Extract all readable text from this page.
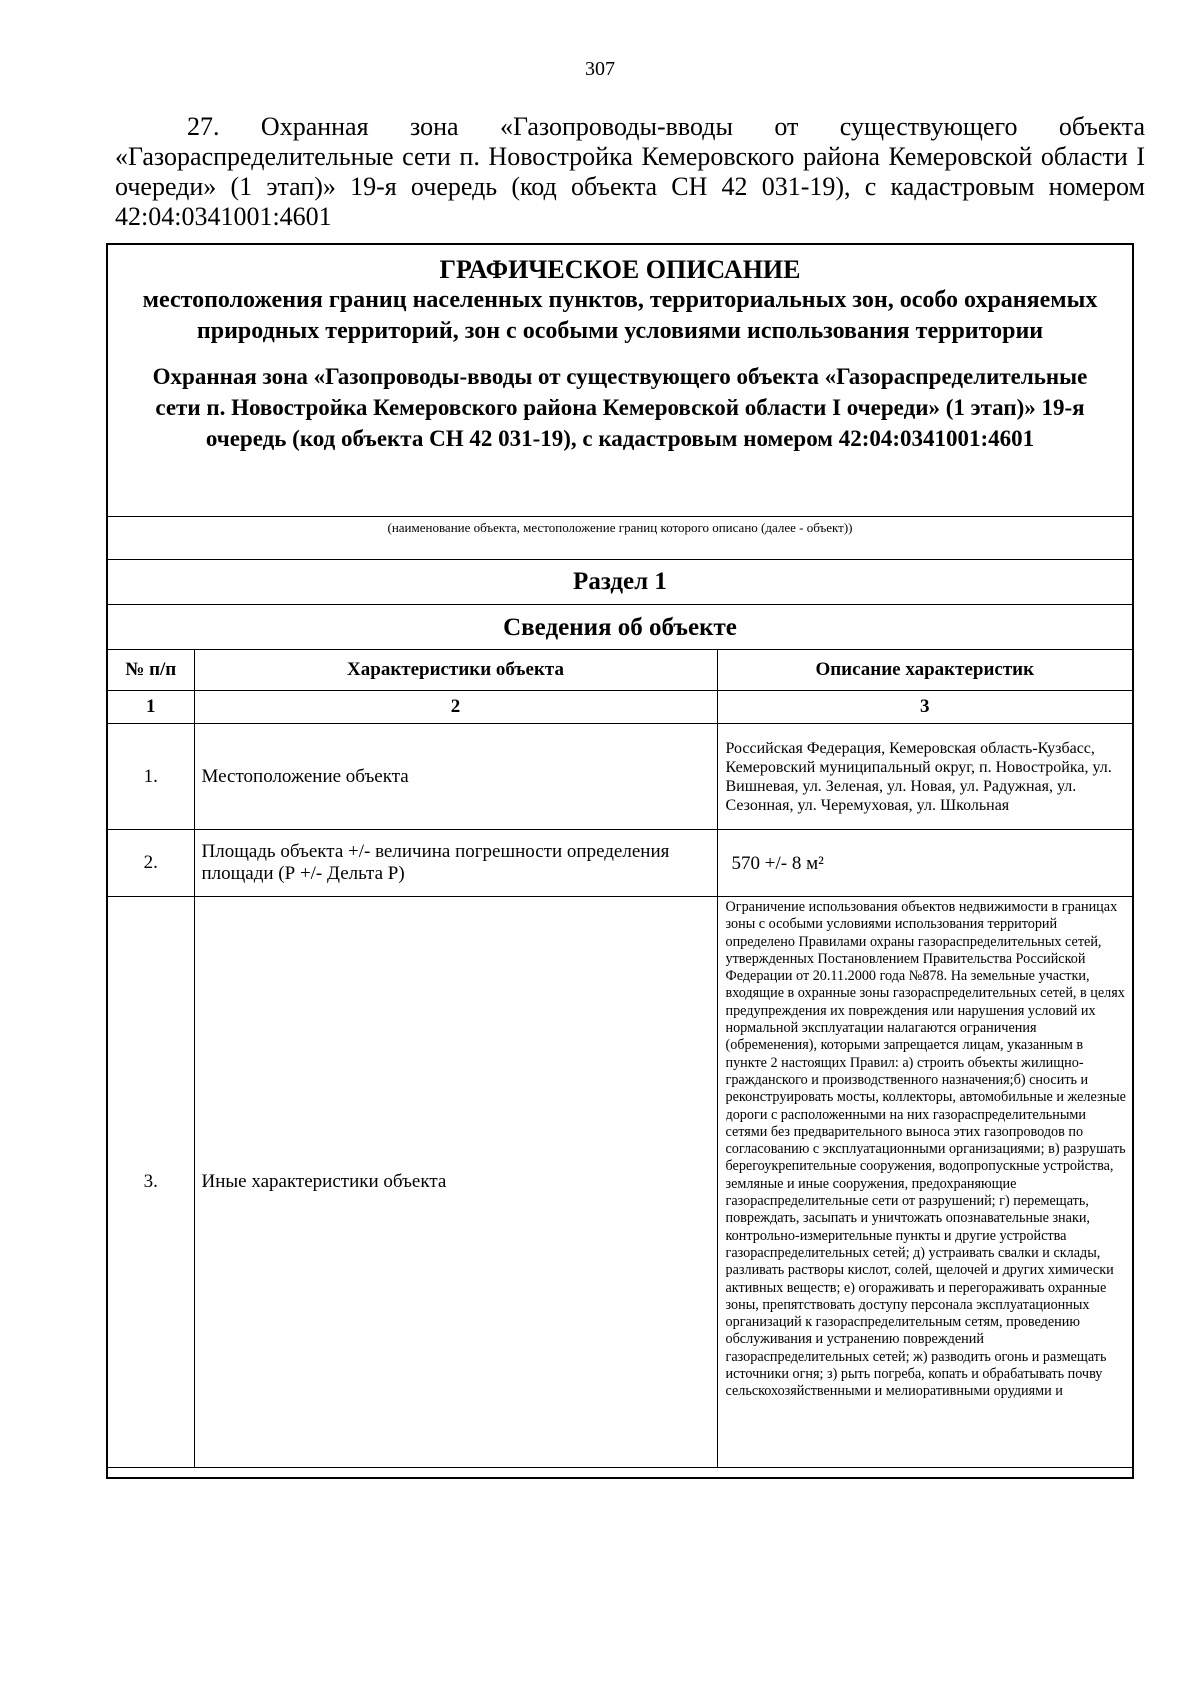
307

27. Охранная зона «Газопроводы-вводы от существующего объекта «Газораспределительные сети п. Новостройка Кемеровского района Кемеровской области I очереди» (1 этап)» 19-я очередь (код объекта СН 42 031-19), с кадастровым номером 42:04:0341001:4601

ГРАФИЧЕСКОЕ ОПИСАНИЕ
местоположения границ населенных пунктов, территориальных зон, особо охраняемых природных территорий, зон с особыми условиями использования территории
Охранная зона «Газопроводы-вводы от существующего объекта «Газораспределительные сети п. Новостройка Кемеровского района Кемеровской области I очереди» (1 этап)» 19-я очередь (код объекта СН 42 031-19), с кадастровым номером 42:04:0341001:4601
(наименование объекта, местоположение границ которого описано (далее - объект))
Раздел 1
Сведения об объекте
№ п/п	Характеристики объекта	Описание характеристик
1	2	3
1.	Местоположение объекта	Российская Федерация, Кемеровская область-Кузбасс, Кемеровский муниципальный округ, п. Новостройка, ул. Вишневая, ул. Зеленая, ул. Новая, ул. Радужная, ул. Сезонная, ул. Черемуховая, ул. Школьная
2.	Площадь объекта +/- величина погрешности определения площади (Р +/- Дельта Р)	570 +/- 8 м²
3.	Иные характеристики объекта	Ограничение использования объектов недвижимости в границах зоны с особыми условиями использования территорий определено Правилами охраны газораспределительных сетей, утвержденных Постановлением Правительства Российской Федерации от 20.11.2000 года №878. На земельные участки, входящие в охранные зоны газораспределительных сетей, в целях предупреждения их повреждения или нарушения условий их нормальной эксплуатации налагаются ограничения (обременения), которыми запрещается лицам, указанным в пункте 2 настоящих Правил: а) строить объекты жилищно-гражданского и производственного назначения;б) сносить и реконструировать мосты, коллекторы, автомобильные и железные дороги с расположенными на них газораспределительными сетями без предварительного выноса этих газопроводов по согласованию с эксплуатационными организациями; в) разрушать берегоукрепительные сооружения, водопропускные устройства, земляные и иные сооружения, предохраняющие газораспределительные сети от разрушений; г) перемещать, повреждать, засыпать и уничтожать опознавательные знаки, контрольно-измерительные пункты и другие устройства газораспределительных сетей; д) устраивать свалки и склады, разливать растворы кислот, солей, щелочей и других химически активных веществ; е) огораживать и перегораживать охранные зоны, препятствовать доступу персонала эксплуатационных организаций к газораспределительным сетям, проведению обслуживания и устранению повреждений газораспределительных сетей; ж) разводить огонь и размещать источники огня; з) рыть погреба, копать и обрабатывать почву сельскохозяйственными и мелиоративными орудиями и
